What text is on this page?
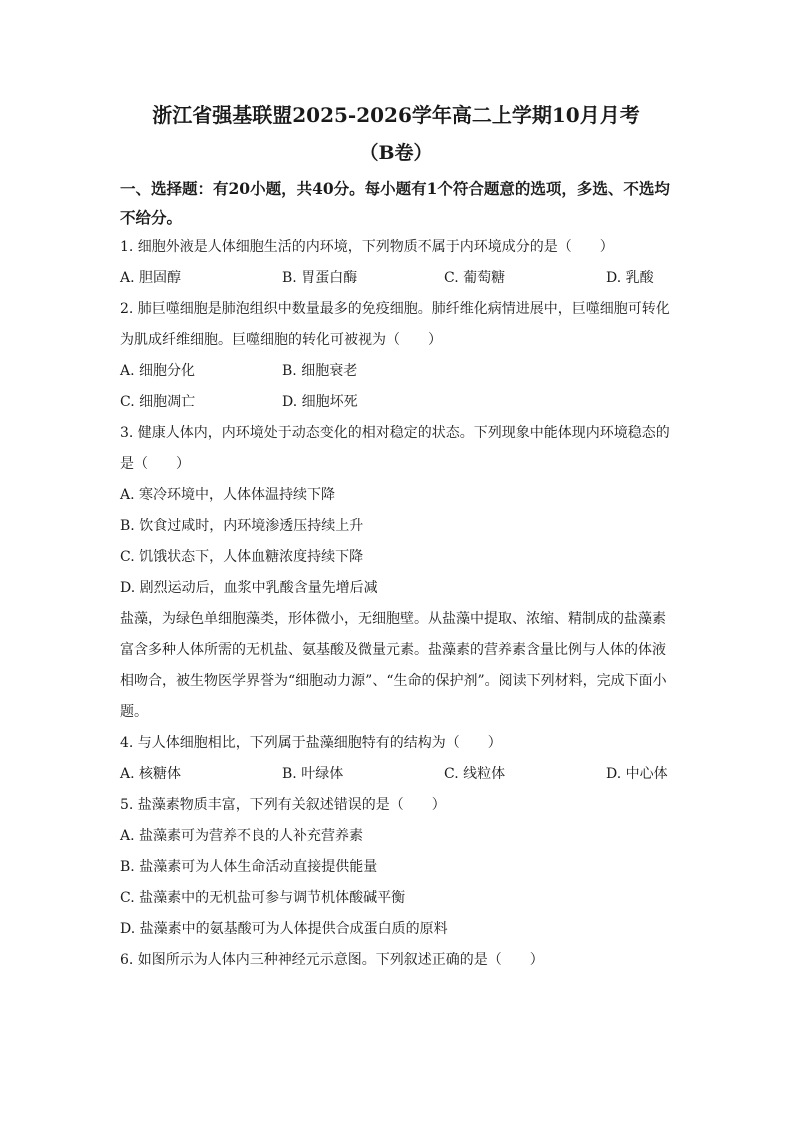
浙江省强基联盟2025-2026学年高二上学期10月月考
（B卷）

一、选择题：有20小题，共40分。每小题有1个符合题意的选项，多选、不选均不给分。

1. 细胞外液是人体细胞生活的内环境，下列物质不属于内环境成分的是（　　）

A. 胆固醇	B. 胃蛋白酶	C. 葡萄糖	D. 乳酸

2. 肺巨噬细胞是肺泡组织中数量最多的免疫细胞。肺纤维化病情进展中，巨噬细胞可转化为肌成纤维细胞。巨噬细胞的转化可被视为（　　）

A. 细胞分化	B. 细胞衰老
C. 细胞凋亡	D. 细胞坏死

3. 健康人体内，内环境处于动态变化的相对稳定的状态。下列现象中能体现内环境稳态的是（　　）

A. 寒冷环境中，人体体温持续下降

B. 饮食过咸时，内环境渗透压持续上升

C. 饥饿状态下，人体血糖浓度持续下降

D. 剧烈运动后，血浆中乳酸含量先增后减

盐藻，为绿色单细胞藻类，形体微小，无细胞壁。从盐藻中提取、浓缩、精制成的盐藻素富含多种人体所需的无机盐、氨基酸及微量元素。盐藻素的营养素含量比例与人体的体液相吻合，被生物医学界誉为“细胞动力源”、“生命的保护剂”。阅读下列材料，完成下面小题。

4. 与人体细胞相比，下列属于盐藻细胞特有的结构为（　　）

A. 核糖体	B. 叶绿体	C. 线粒体	D. 中心体

5. 盐藻素物质丰富，下列有关叙述错误的是（　　）

A. 盐藻素可为营养不良的人补充营养素

B. 盐藻素可为人体生命活动直接提供能量

C. 盐藻素中的无机盐可参与调节机体酸碱平衡

D. 盐藻素中的氨基酸可为人体提供合成蛋白质的原料

6. 如图所示为人体内三种神经元示意图。下列叙述正确的是（　　）
